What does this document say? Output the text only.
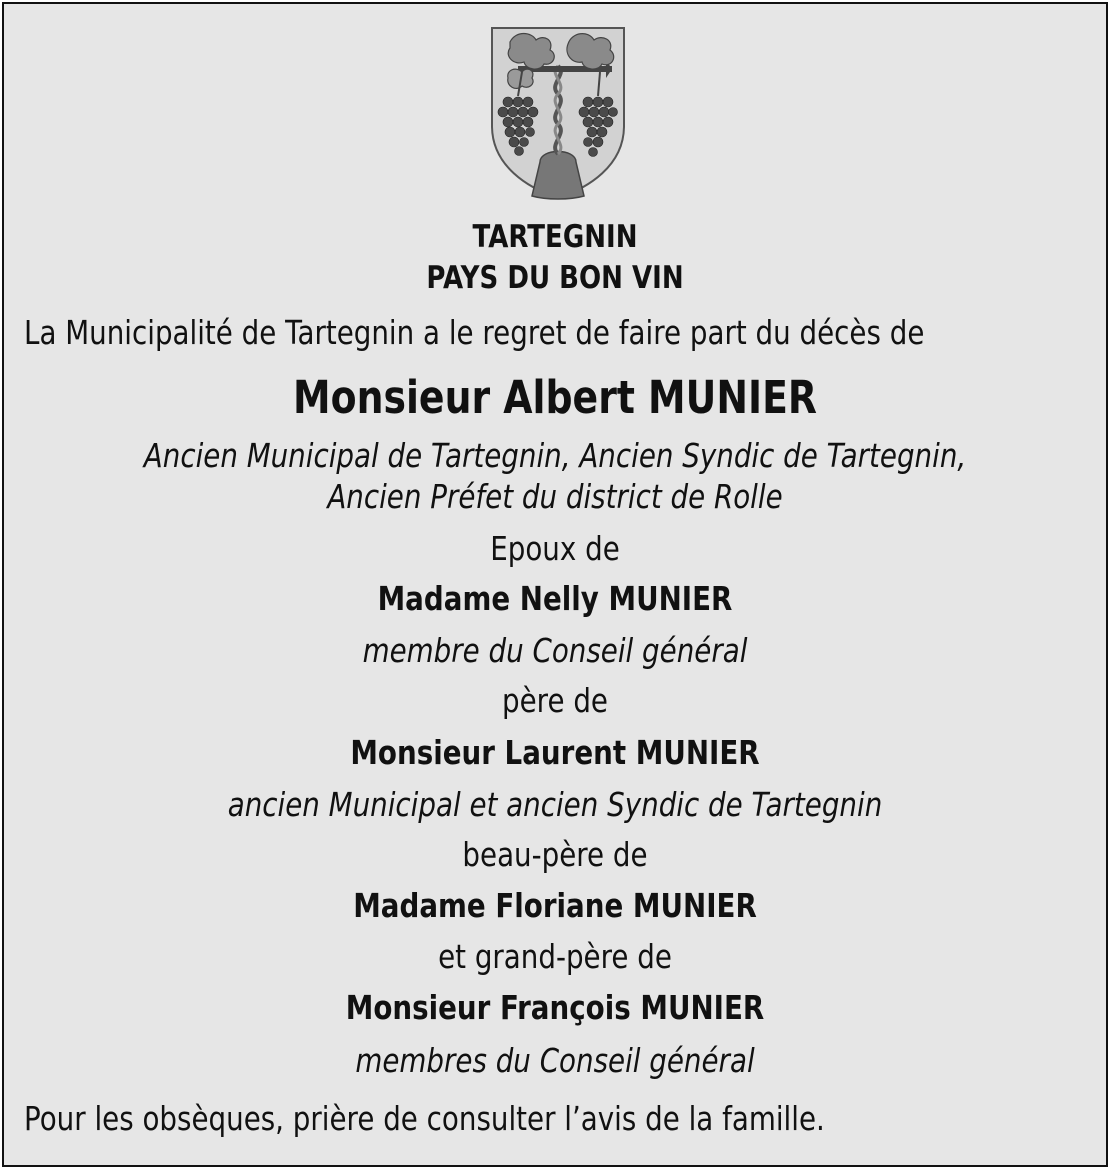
TARTEGNIN
PAYS DU BON VIN
La Municipalité de Tartegnin a le regret de faire part du décès de
Monsieur Albert MUNIER
Ancien Municipal de Tartegnin, Ancien Syndic de Tartegnin,
Ancien Préfet du district de Rolle
Epoux de
Madame Nelly MUNIER
membre du Conseil général
père de
Monsieur Laurent MUNIER
ancien Municipal et ancien Syndic de Tartegnin
beau-père de
Madame Floriane MUNIER
et grand-père de
Monsieur François MUNIER
membres du Conseil général
Pour les obsèques, prière de consulter l’avis de la famille.
